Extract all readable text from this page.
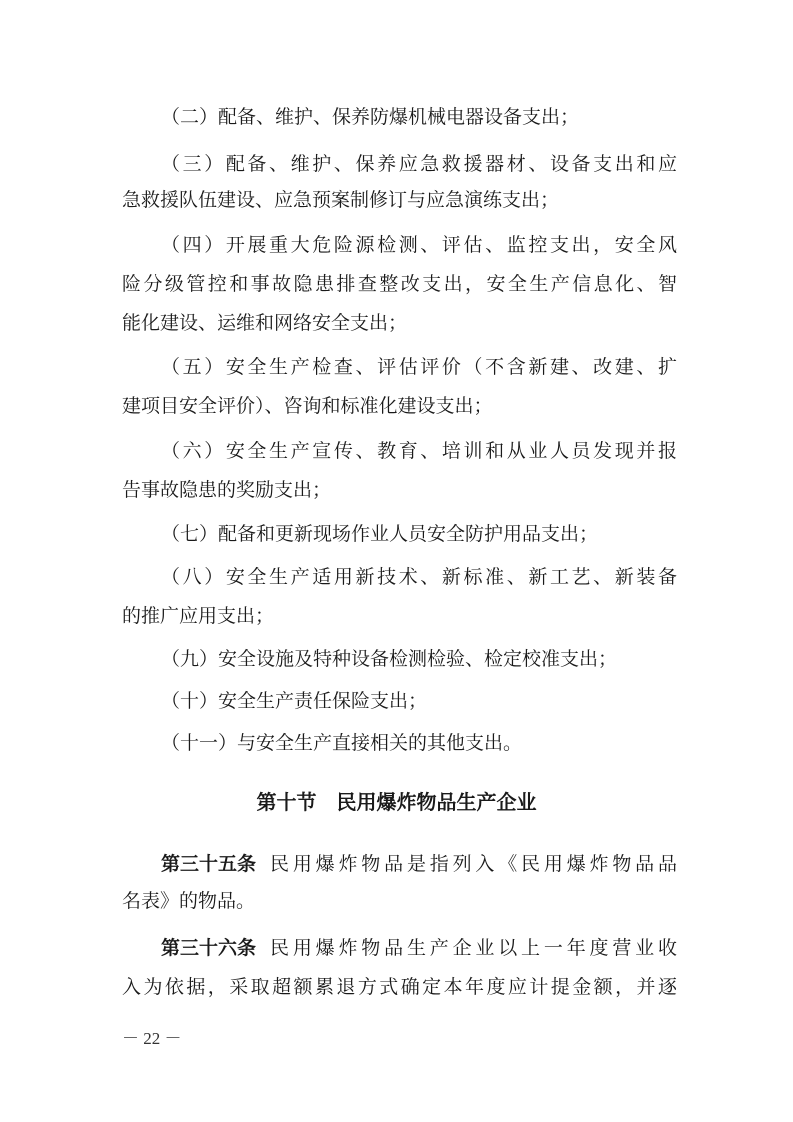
（二）配备、维护、保养防爆机械电器设备支出；
（三）配备、维护、保养应急救援器材、设备支出和应
急救援队伍建设、应急预案制修订与应急演练支出；
（四）开展重大危险源检测、评估、监控支出，安全风
险分级管控和事故隐患排查整改支出，安全生产信息化、智
能化建设、运维和网络安全支出；
（五）安全生产检查、评估评价（不含新建、改建、扩
建项目安全评价）、咨询和标准化建设支出；
（六）安全生产宣传、教育、培训和从业人员发现并报
告事故隐患的奖励支出；
（七）配备和更新现场作业人员安全防护用品支出；
（八）安全生产适用新技术、新标准、新工艺、新装备
的推广应用支出；
（九）安全设施及特种设备检测检验、检定校准支出；
（十）安全生产责任保险支出；
（十一）与安全生产直接相关的其他支出。
第十节　民用爆炸物品生产企业
第三十五条 民用爆炸物品是指列入《民用爆炸物品品
名表》的物品。
第三十六条 民用爆炸物品生产企业以上一年度营业收
入为依据，采取超额累退方式确定本年度应计提金额，并逐
－ 22 －
